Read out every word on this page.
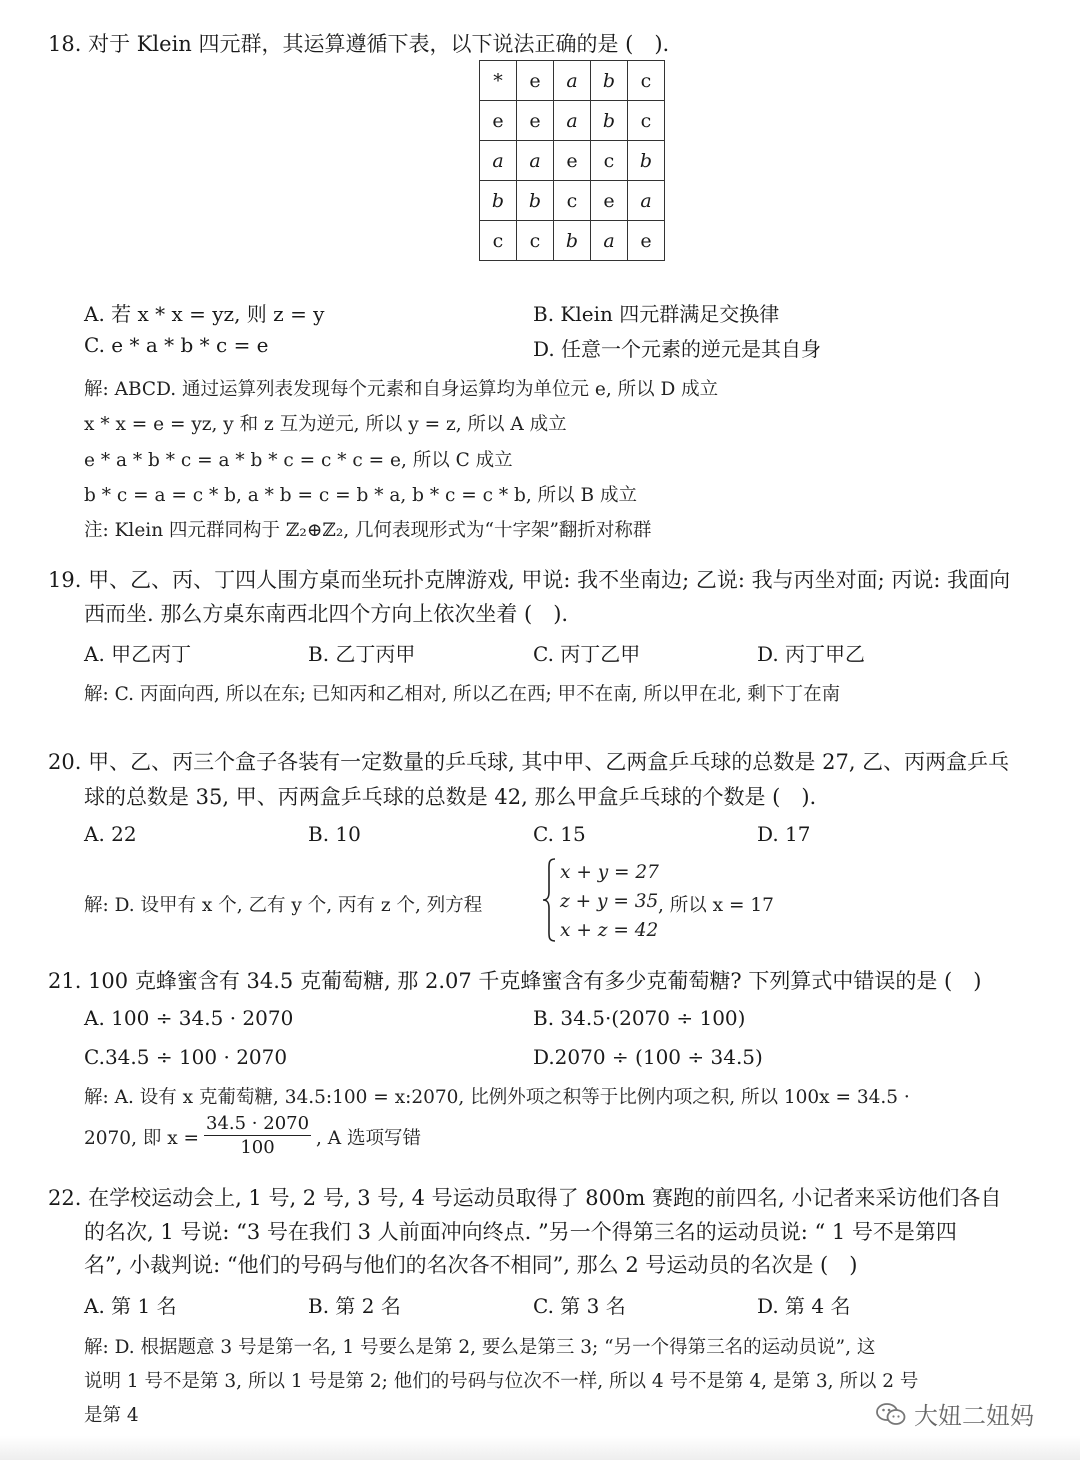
18. 对于 Klein 四元群，其运算遵循下表，以下说法正确的是 (　).
*	e	a	b	c
e	e	a	b	c
a	a	e	c	b
b	b	c	e	a
c	c	b	a	e
A. 若 x * x = yz, 则 z = y	B. Klein 四元群满足交换律
C. e * a * b * c = e	D. 任意一个元素的逆元是其自身
解: ABCD. 通过运算列表发现每个元素和自身运算均为单位元 e, 所以 D 成立
x * x = e = yz, y 和 z 互为逆元, 所以 y = z, 所以 A 成立
e * a * b * c = a * b * c = c * c = e, 所以 C 成立
b * c = a = c * b, a * b = c = b * a, b * c = c * b, 所以 B 成立
注: Klein 四元群同构于 ℤ₂⊕ℤ₂, 几何表现形式为“十字架”翻折对称群
19. 甲、乙、丙、丁四人围方桌而坐玩扑克牌游戏, 甲说: 我不坐南边; 乙说: 我与丙坐对面; 丙说: 我面向
西而坐. 那么方桌东南西北四个方向上依次坐着 (　).
A. 甲乙丙丁	B. 乙丁丙甲	C. 丙丁乙甲	D. 丙丁甲乙
解: C. 丙面向西, 所以在东; 已知丙和乙相对, 所以乙在西; 甲不在南, 所以甲在北, 剩下丁在南
20. 甲、乙、丙三个盒子各装有一定数量的乒乓球, 其中甲、乙两盒乒乓球的总数是 27, 乙、丙两盒乒乓
球的总数是 35, 甲、丙两盒乒乓球的总数是 42, 那么甲盒乒乓球的个数是 (　).
A. 22	B. 10	C. 15	D. 17
解: D. 设甲有 x 个, 乙有 y 个, 丙有 z 个, 列方程
x + y = 27
z + y = 35
x + z = 42
, 所以 x = 17
21. 100 克蜂蜜含有 34.5 克葡萄糖, 那 2.07 千克蜂蜜含有多少克葡萄糖? 下列算式中错误的是 (　)
A. 100 ÷ 34.5 · 2070	B. 34.5·(2070 ÷ 100)
C.34.5 ÷ 100 · 2070	D.2070 ÷ (100 ÷ 34.5)
解: A. 设有 x 克葡萄糖, 34.5:100 = x:2070, 比例外项之积等于比例内项之积, 所以 100x = 34.5 ·
2070, 即 $x = \frac{34.5 \cdot 2070}{100}$ , A 选项写错
22. 在学校运动会上, 1 号, 2 号, 3 号, 4 号运动员取得了 800m 赛跑的前四名, 小记者来采访他们各自
的名次, 1 号说: “3 号在我们 3 人前面冲向终点. ”另一个得第三名的运动员说: “ 1 号不是第四
名”, 小裁判说: “他们的号码与他们的名次各不相同”, 那么 2 号运动员的名次是 (　)
A. 第 1 名	B. 第 2 名	C. 第 3 名	D. 第 4 名
解: D. 根据题意 3 号是第一名, 1 号要么是第 2, 要么是第三 3; “另一个得第三名的运动员说”, 这
说明 1 号不是第 3, 所以 1 号是第 2; 他们的号码与位次不一样, 所以 4 号不是第 4, 是第 3, 所以 2 号
是第 4	大妞二妞妈
